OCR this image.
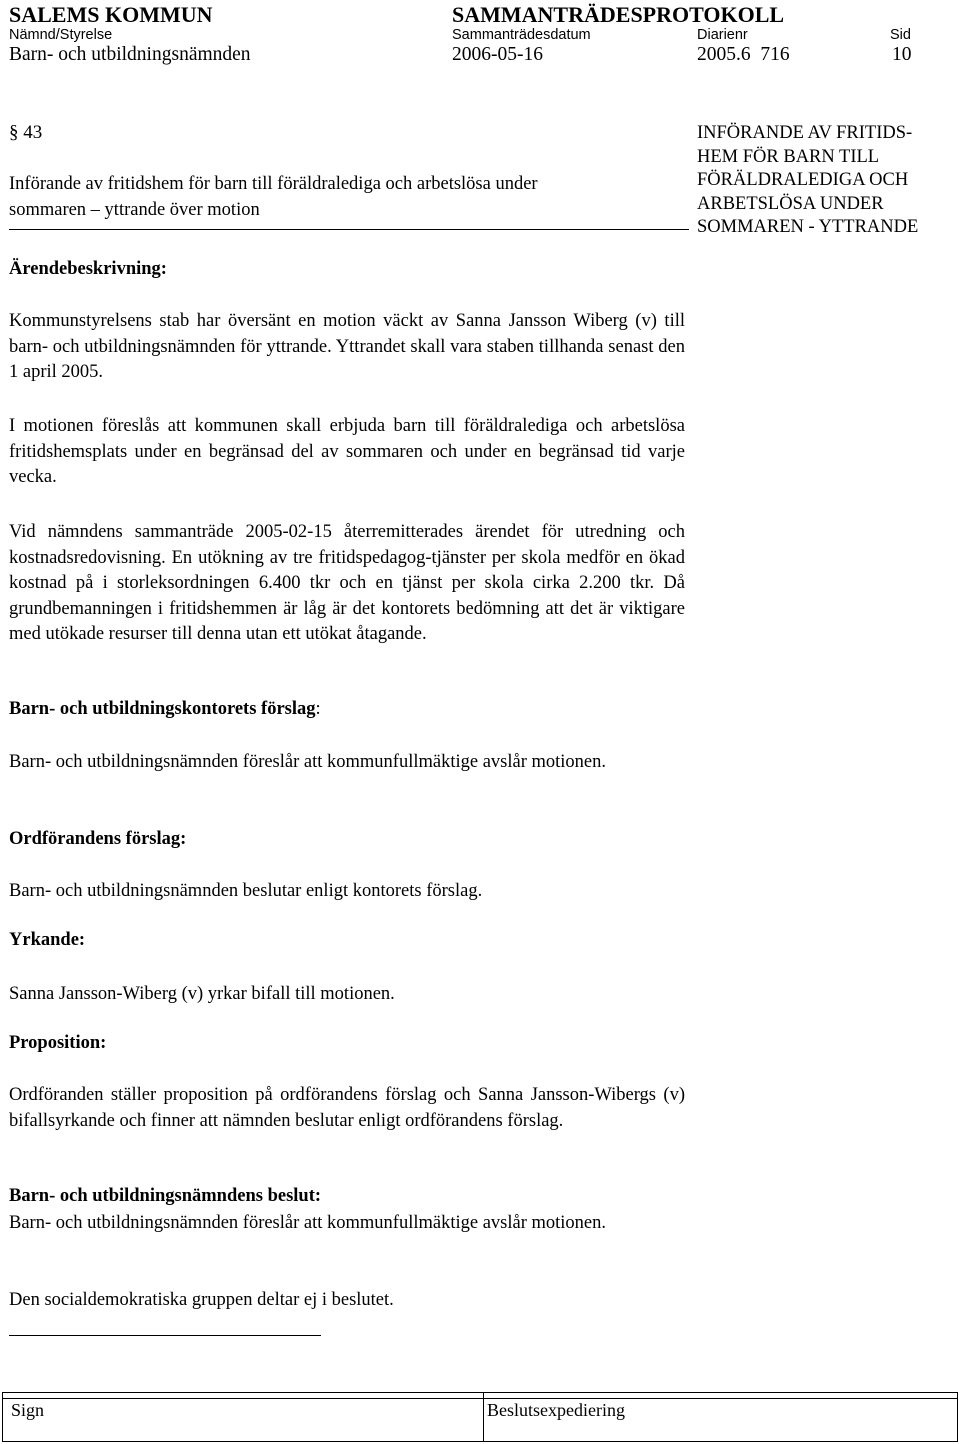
SALEMS KOMMUN	SAMMANTRÄDESPROTOKOLL
Nämnd/Styrelse	Sammanträdesdatum	Diarienr	Sid
Barn- och utbildningsnämnden	2006-05-16	2005.6  716	10
§ 43
Införande av fritidshem för barn till föräldralediga och arbetslösa under
sommaren – yttrande över motion
INFÖRANDE AV FRITIDS-
HEM FÖR BARN TILL
FÖRÄLDRALEDIGA OCH
ARBETSLÖSA UNDER
SOMMAREN - YTTRANDE
Ärendebeskrivning:

Kommunstyrelsens stab har översänt en motion väckt av Sanna Jansson Wiberg (v) till barn- och utbildningsnämnden för yttrande. Yttrandet skall vara staben tillhanda senast den 1 april 2005.

I motionen föreslås att kommunen skall erbjuda barn till föräldralediga och arbetslösa fritidshemsplats under en begränsad del av sommaren och under en begränsad tid varje vecka.

Vid nämndens sammanträde 2005-02-15 återremitterades ärendet för utredning och kostnadsredovisning. En utökning av tre fritidspedagog-tjänster per skola medför en ökad kostnad på i storleksordningen 6.400 tkr och en tjänst per skola cirka 2.200 tkr. Då grundbemanningen i fritidshemmen är låg är det kontorets bedömning att det är viktigare med utökade resurser till denna utan ett utökat åtagande.

Barn- och utbildningskontorets förslag:

Barn- och utbildningsnämnden föreslår att kommunfullmäktige avslår motionen.

Ordförandens förslag:

Barn- och utbildningsnämnden beslutar enligt kontorets förslag.

Yrkande:

Sanna Jansson-Wiberg (v) yrkar bifall till motionen.

Proposition:

Ordföranden ställer proposition på ordförandens förslag och Sanna Jansson-Wibergs (v) bifallsyrkande och finner att nämnden beslutar enligt ordförandens förslag.

Barn- och utbildningsnämndens beslut:

Barn- och utbildningsnämnden föreslår att kommunfullmäktige avslår motionen.

Den socialdemokratiska gruppen deltar ej i beslutet.

Sign	Beslutsexpediering
